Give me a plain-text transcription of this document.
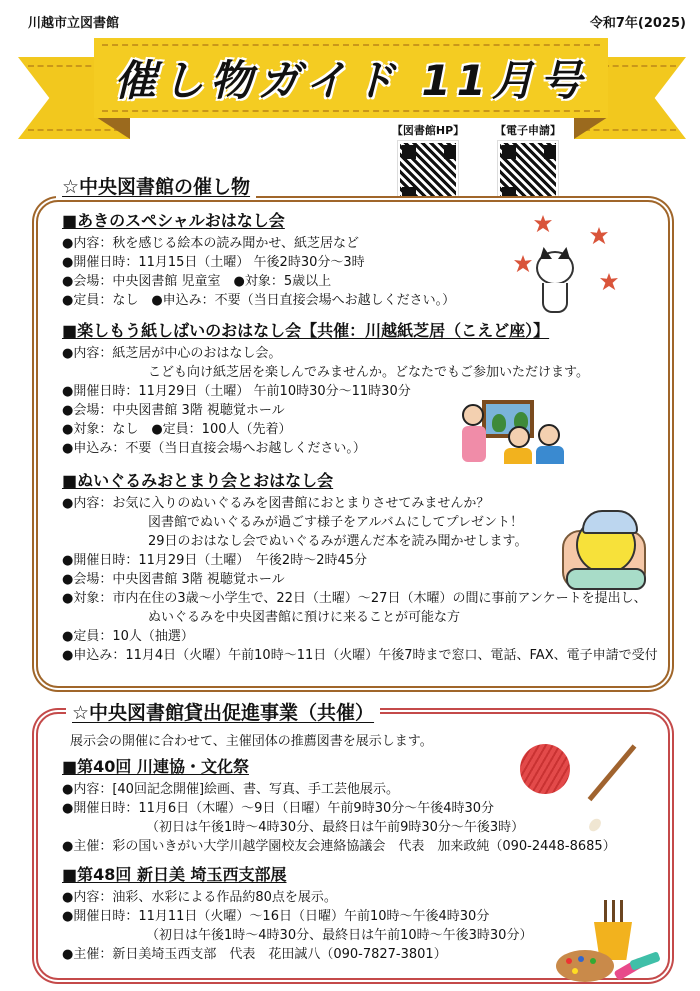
川越市立図書館	令和7年(2025)
催し物ガイド 11月号
【図書館HP】	【電子申請】
☆中央図書館の催し物
■あきのスペシャルおはなし会
●内容：秋を感じる絵本の読み聞かせ、紙芝居など
●開催日時：11月15日（土曜） 午後2時30分～3時
●会場：中央図書館 児童室　●対象：5歳以上
●定員：なし　●申込み：不要（当日直接会場へお越しください。）
■楽しもう紙しばいのおはなし会【共催：川越紙芝居（こえど座）】
●内容：紙芝居が中心のおはなし会。
こども向け紙芝居を楽しんでみませんか。どなたでもご参加いただけます。
●開催日時：11月29日（土曜） 午前10時30分～11時30分
●会場：中央図書館 3階 視聴覚ホール
●対象：なし　●定員：100人（先着）
●申込み：不要（当日直接会場へお越しください。）
■ぬいぐるみおとまり会とおはなし会
●内容：お気に入りのぬいぐるみを図書館におとまりさせてみませんか？
図書館でぬいぐるみが過ごす様子をアルバムにしてプレゼント！
29日のおはなし会でぬいぐるみが選んだ本を読み聞かせします。
●開催日時：11月29日（土曜）　午後2時～2時45分
●会場：中央図書館 3階 視聴覚ホール
●対象：市内在住の3歳～小学生で、22日（土曜）～27日（木曜）の間に事前アンケートを提出し、
ぬいぐるみを中央図書館に預けに来ることが可能な方
●定員：10人（抽選）
●申込み：11月4日（火曜）午前10時～11日（火曜）午後7時まで窓口、電話、FAX、電子申請で受付
☆中央図書館貸出促進事業（共催）
展示会の開催に合わせて、主催団体の推薦図書を展示します。
■第40回 川連協・文化祭
●内容：[40回記念開催]絵画、書、写真、手工芸他展示。
●開催日時：11月6日（木曜）～9日（日曜）午前9時30分～午後4時30分
（初日は午後1時～4時30分、最終日は午前9時30分～午後3時）
●主催：彩の国いきがい大学川越学園校友会連絡協議会　代表　加来政純（090-2448-8685）
■第48回 新日美 埼玉西支部展
●内容：油彩、水彩による作品約80点を展示。
●開催日時：11月11日（火曜）～16日（日曜）午前10時～午後4時30分
（初日は午後1時～4時30分、最終日は午前10時～午後3時30分）
●主催：新日美埼玉西支部　代表　花田誠八（090-7827-3801）
